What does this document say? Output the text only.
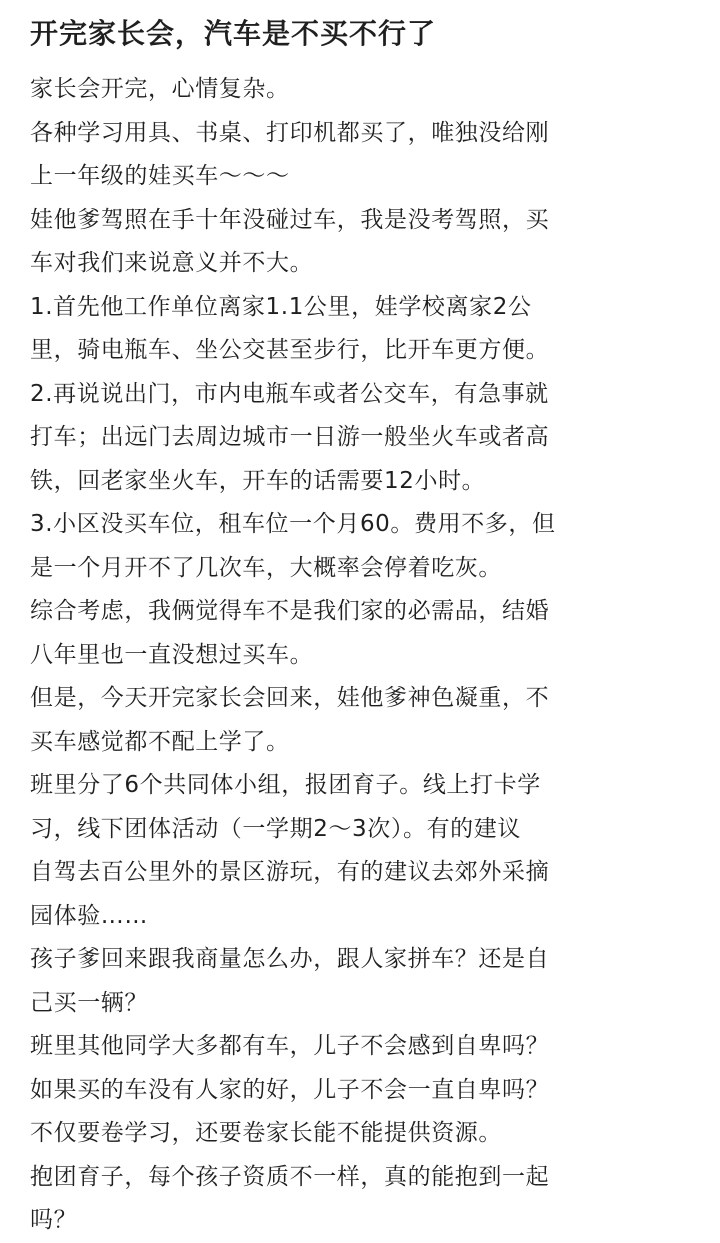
开完家长会，汽车是不买不行了

家长会开完，心情复杂。

各种学习用具、书桌、打印机都买了，唯独没给刚

上一年级的娃买车～～～

娃他爹驾照在手十年没碰过车，我是没考驾照，买

车对我们来说意义并不大。

1.首先他工作单位离家1.1公里，娃学校离家2公

里，骑电瓶车、坐公交甚至步行，比开车更方便。

2.再说说出门，市内电瓶车或者公交车，有急事就

打车；出远门去周边城市一日游一般坐火车或者高

铁，回老家坐火车，开车的话需要12小时。

3.小区没买车位，租车位一个月60。费用不多，但

是一个月开不了几次车，大概率会停着吃灰。

综合考虑，我俩觉得车不是我们家的必需品，结婚

八年里也一直没想过买车。

但是，今天开完家长会回来，娃他爹神色凝重，不

买车感觉都不配上学了。

班里分了6个共同体小组，报团育子。线上打卡学

习，线下团体活动（一学期2～3次）。有的建议

自驾去百公里外的景区游玩，有的建议去郊外采摘

园体验……

孩子爹回来跟我商量怎么办，跟人家拼车？还是自

己买一辆？

班里其他同学大多都有车，儿子不会感到自卑吗？

如果买的车没有人家的好，儿子不会一直自卑吗？

不仅要卷学习，还要卷家长能不能提供资源。

抱团育子，每个孩子资质不一样，真的能抱到一起

吗？
